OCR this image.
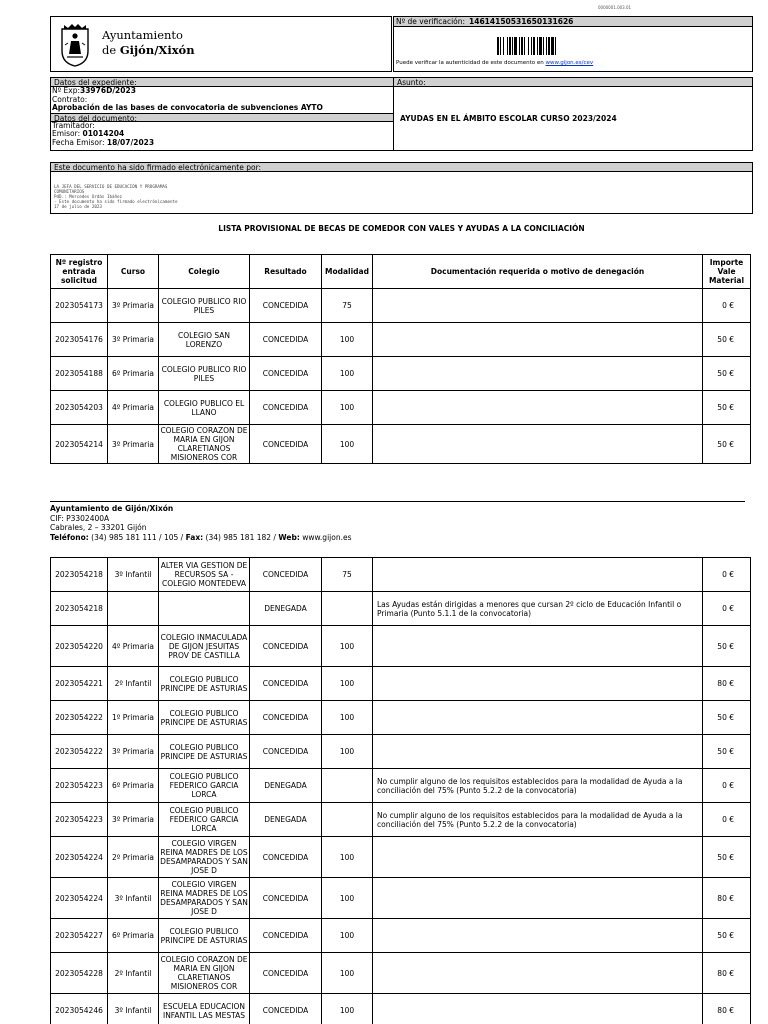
0000001.003.01
Ayuntamiento
de Gijón/Xixón
Nº de verificación: 14614150531650131626
Puede verificar la autenticidad de este documento en www.gijon.es/cev
Datos del expediente:
Nº Exp:33976D/2023
Contrato:
Aprobación de las bases de convocatoria de subvenciones AYTO
Datos del documento:
Tramitador:
Emisor: 01014204
Fecha Emisor: 18/07/2023
Asunto:
AYUDAS EN EL ÁMBITO ESCOLAR CURSO 2023/2024
Este documento ha sido firmado electrónicamente por:
LA JEFA DEL SERVICIO DE EDUCACIÓN Y PROGRAMAS
COMUNITARIOS
PdD.: Mercedes Ordás Ibáñez
- Este documento ha sido firmado electrónicamente
17 de julio de 2023
LISTA PROVISIONAL DE BECAS DE COMEDOR CON VALES Y AYUDAS A LA CONCILIACIÓN
Nº registro entrada solicitud	Curso	Colegio	Resultado	Modalidad	Documentación requerida o motivo de denegación	Importe Vale Material
2023054173	3º Primaria	COLEGIO PUBLICO RIO PILES	CONCEDIDA	75		0 €
2023054176	3º Primaria	COLEGIO SAN LORENZO	CONCEDIDA	100		50 €
2023054188	6º Primaria	COLEGIO PUBLICO RIO PILES	CONCEDIDA	100		50 €
2023054203	4º Primaria	COLEGIO PUBLICO EL LLANO	CONCEDIDA	100		50 €
2023054214	3º Primaria	COLEGIO CORAZON DE MARIA EN GIJON CLARETIANOS MISIONEROS COR	CONCEDIDA	100		50 €
Ayuntamiento de Gijón/Xixón
CIF: P3302400A
Cabrales, 2 – 33201 Gijón
Teléfono: (34) 985 181 111 / 105 / Fax: (34) 985 181 182 / Web: www.gijon.es
2023054218	3º Infantil	ALTER VIA GESTION DE RECURSOS SA - COLEGIO MONTEDEVA	CONCEDIDA	75		0 €
2023054218			DENEGADA		Las Ayudas están dirigidas a menores que cursan 2º ciclo de Educación Infantil o Primaria (Punto 5.1.1 de la convocatoria)	0 €
2023054220	4º Primaria	COLEGIO INMACULADA DE GIJON JESUITAS PROV DE CASTILLA	CONCEDIDA	100		50 €
2023054221	2º Infantil	COLEGIO PUBLICO PRINCIPE DE ASTURIAS	CONCEDIDA	100		80 €
2023054222	1º Primaria	COLEGIO PUBLICO PRINCIPE DE ASTURIAS	CONCEDIDA	100		50 €
2023054222	3º Primaria	COLEGIO PUBLICO PRINCIPE DE ASTURIAS	CONCEDIDA	100		50 €
2023054223	6º Primaria	COLEGIO PUBLICO FEDERICO GARCIA LORCA	DENEGADA		No cumplir alguno de los requisitos establecidos para la modalidad de Ayuda a la conciliación del 75% (Punto 5.2.2 de la convocatoria)	0 €
2023054223	3º Primaria	COLEGIO PUBLICO FEDERICO GARCIA LORCA	DENEGADA		No cumplir alguno de los requisitos establecidos para la modalidad de Ayuda a la conciliación del 75% (Punto 5.2.2 de la convocatoria)	0 €
2023054224	2º Primaria	COLEGIO VIRGEN REINA MADRES DE LOS DESAMPARADOS Y SAN JOSE D	CONCEDIDA	100		50 €
2023054224	3º Infantil	COLEGIO VIRGEN REINA MADRES DE LOS DESAMPARADOS Y SAN JOSE D	CONCEDIDA	100		80 €
2023054227	6º Primaria	COLEGIO PUBLICO PRINCIPE DE ASTURIAS	CONCEDIDA	100		50 €
2023054228	2º Infantil	COLEGIO CORAZON DE MARIA EN GIJON CLARETIANOS MISIONEROS COR	CONCEDIDA	100		80 €
2023054246	3º Infantil	ESCUELA EDUCACION INFANTIL LAS MESTAS	CONCEDIDA	100		80 €
